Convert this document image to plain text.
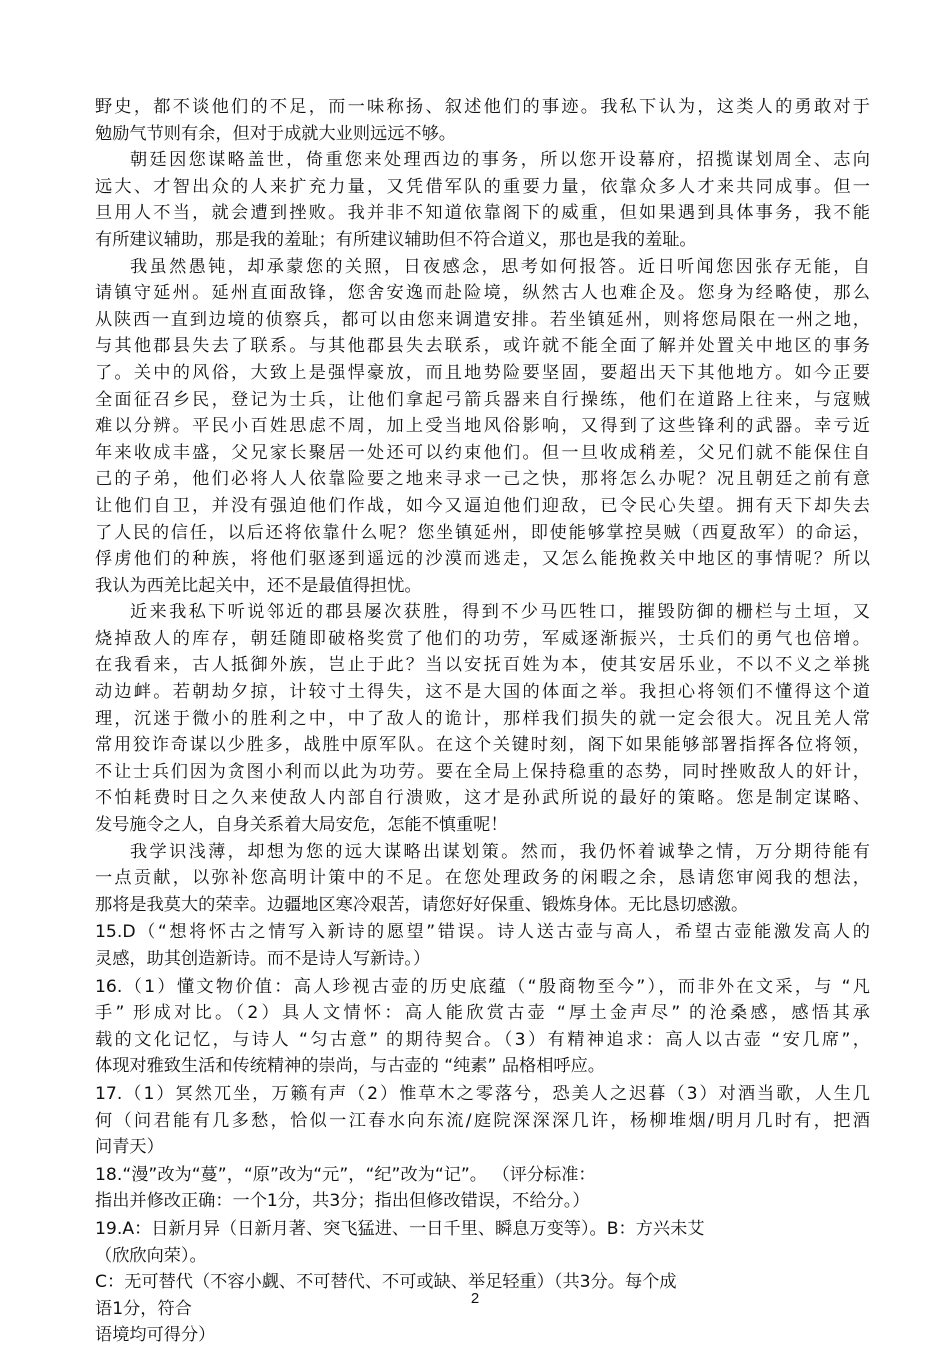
野史，都不谈他们的不足，而一味称扬、叙述他们的事迹。我私下认为，这类人的勇敢对于
勉励气节则有余，但对于成就大业则远远不够。
朝廷因您谋略盖世，倚重您来处理西边的事务，所以您开设幕府，招揽谋划周全、志向
远大、才智出众的人来扩充力量，又凭借军队的重要力量，依靠众多人才来共同成事。但一
旦用人不当，就会遭到挫败。我并非不知道依靠阁下的威重，但如果遇到具体事务，我不能
有所建议辅助，那是我的羞耻；有所建议辅助但不符合道义，那也是我的羞耻。
我虽然愚钝，却承蒙您的关照，日夜感念，思考如何报答。近日听闻您因张存无能，自
请镇守延州。延州直面敌锋，您舍安逸而赴险境，纵然古人也难企及。您身为经略使，那么
从陕西一直到边境的侦察兵，都可以由您来调遣安排。若坐镇延州，则将您局限在一州之地，
与其他郡县失去了联系。与其他郡县失去联系，或许就不能全面了解并处置关中地区的事务
了。关中的风俗，大致上是强悍豪放，而且地势险要坚固，要超出天下其他地方。如今正要
全面征召乡民，登记为士兵，让他们拿起弓箭兵器来自行操练，他们在道路上往来，与寇贼
难以分辨。平民小百姓思虑不周，加上受当地风俗影响，又得到了这些锋利的武器。幸亏近
年来收成丰盛，父兄家长聚居一处还可以约束他们。但一旦收成稍差，父兄们就不能保住自
己的子弟，他们必将人人依靠险要之地来寻求一己之快，那将怎么办呢？况且朝廷之前有意
让他们自卫，并没有强迫他们作战，如今又逼迫他们迎敌，已令民心失望。拥有天下却失去
了人民的信任，以后还将依靠什么呢？您坐镇延州，即使能够掌控昊贼（西夏敌军）的命运，
俘虏他们的种族，将他们驱逐到遥远的沙漠而逃走，又怎么能挽救关中地区的事情呢？所以
我认为西羌比起关中，还不是最值得担忧。
近来我私下听说邻近的郡县屡次获胜，得到不少马匹牲口，摧毁防御的栅栏与土垣，又
烧掉敌人的库存，朝廷随即破格奖赏了他们的功劳，军威逐渐振兴，士兵们的勇气也倍增。
在我看来，古人抵御外族，岂止于此？当以安抚百姓为本，使其安居乐业，不以不义之举挑
动边衅。若朝劫夕掠，计较寸土得失，这不是大国的体面之举。我担心将领们不懂得这个道
理，沉迷于微小的胜利之中，中了敌人的诡计，那样我们损失的就一定会很大。况且羌人常
常用狡诈奇谋以少胜多，战胜中原军队。在这个关键时刻，阁下如果能够部署指挥各位将领，
不让士兵们因为贪图小利而以此为功劳。要在全局上保持稳重的态势，同时挫败敌人的奸计，
不怕耗费时日之久来使敌人内部自行溃败，这才是孙武所说的最好的策略。您是制定谋略、
发号施令之人，自身关系着大局安危，怎能不慎重呢！
我学识浅薄，却想为您的远大谋略出谋划策。然而，我仍怀着诚挚之情，万分期待能有
一点贡献，以弥补您高明计策中的不足。在您处理政务的闲暇之余，恳请您审阅我的想法，
那将是我莫大的荣幸。边疆地区寒冷艰苦，请您好好保重、锻炼身体。无比恳切感激。
15.D（“想将怀古之情写入新诗的愿望”错误。诗人送古壶与高人，希望古壶能激发高人的
灵感，助其创造新诗。而不是诗人写新诗。）
16.（1）懂文物价值：高人珍视古壶的历史底蕴（“殷商物至今”），而非外在文采，与 “凡
手” 形成对比。（2）具人文情怀：高人能欣赏古壶 “厚土金声尽” 的沧桑感，感悟其承
载的文化记忆，与诗人 “匀古意” 的期待契合。（3）有精神追求：高人以古壶 “安几席”，
体现对雅致生活和传统精神的崇尚，与古壶的 “纯素” 品格相呼应。
17.（1）冥然兀坐，万籁有声（2）惟草木之零落兮，恐美人之迟暮（3）对酒当歌，人生几
何（问君能有几多愁，恰似一江春水向东流/庭院深深深几许，杨柳堆烟/明月几时有，把酒
问青天）
18.“漫”改为“蔓”，“原”改为“元”，“纪”改为“记”。 （评分标准：
指出并修改正确：一个1分，共3分；指出但修改错误，不给分。）
19.A：日新月异（日新月著、突飞猛进、一日千里、瞬息万变等）。B：方兴未艾
（欣欣向荣）。
C：无可替代（不容小觑、不可替代、不可或缺、举足轻重）（共3分。每个成
语1分，符合
语境均可得分）
2
